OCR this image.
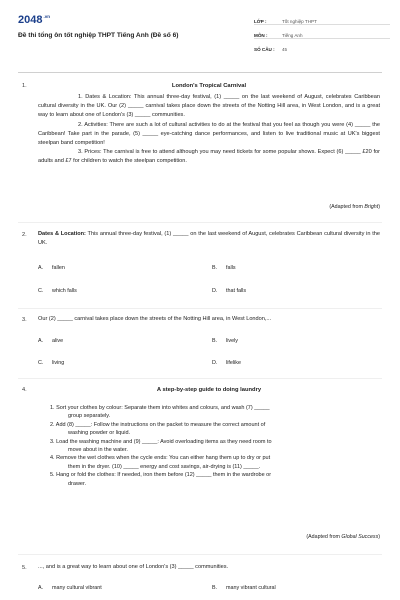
$2048^{.vn}$
Đề thi tổng ôn tốt nghiệp THPT Tiếng Anh (Đề số 6)
LỚP :	Tốt nghiệp THPT
MÔN :	Tiếng Anh
SỐ CÂU :	45
1.	London's Tropical Carnival

1. Dates & Location: This annual three-day festival, (1) _____ on the last weekend of August, celebrates Caribbean cultural diversity in the UK. Our (2) _____ carnival takes place down the streets of the Notting Hill area, in West London, and is a great way to learn about one of London's (3) _____ communities.

2. Activities: There are such a lot of cultural activities to do at the festival that you feel as though you were (4) _____ the Caribbean! Take part in the parade, (5) _____ eye-catching dance performances, and listen to live traditional music at UK's biggest steelpan band competition!

3. Prices: The carnival is free to attend although you may need tickets for some popular shows. Expect (6) _____ £20 for adults and £7 for children to watch the steelpan competition.

(Adapted from Bright)
2. Dates & Location: This annual three-day festival, (1) _____ on the last weekend of August, celebrates Caribbean cultural diversity in the UK.
A. fallen	B. falls
C. which falls	D. that falls
3. Our (2) _____ carnival takes place down the streets of the Notting Hill area, in West London,...
A. alive	B. lively
C. living	D. lifelike
4.	A step-by-step guide to doing laundry
1. Sort your clothes by colour: Separate them into whites and colours, and wash (7) _____
group separately.
2. Add (8) _____: Follow the instructions on the packet to measure the correct amount of
washing powder or liquid.
3. Load the washing machine and (9) _____: Avoid overloading items as they need room to
move about in the water.
4. Remove the wet clothes when the cycle ends: You can either hang them up to dry or put
them in the dryer. (10) _____ energy and cost savings, air-drying is (11) _____.
5. Hang or fold the clothes: If needed, iron them before (12) _____ them in the wardrobe or
drawer.
(Adapted from Global Success)
5. ..., and is a great way to learn about one of London's (3) _____ communities.
A. many cultural vibrant	B. many vibrant cultural
